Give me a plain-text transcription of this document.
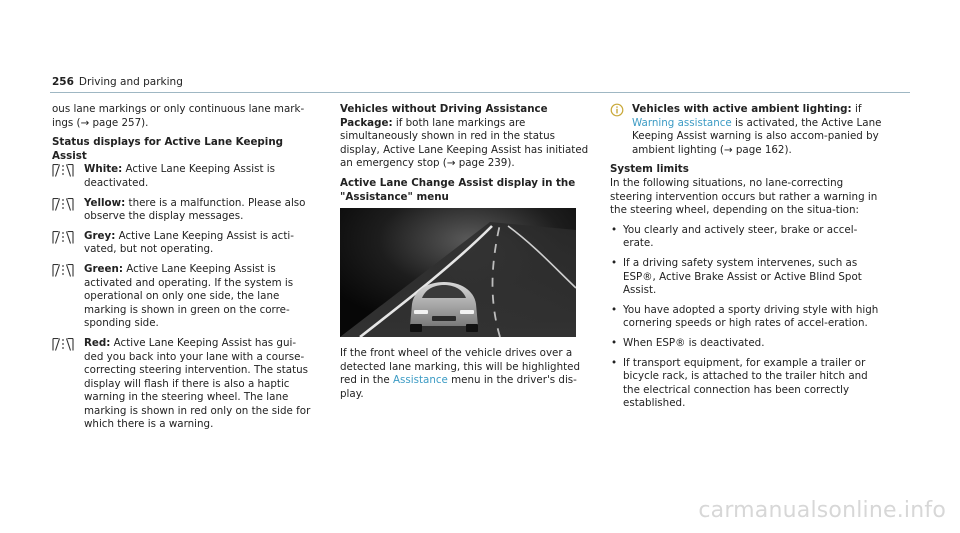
256 Driving and parking

ous lane markings or only continuous lane mark-ings (→ page 257).

Status displays for Active Lane Keeping Assist
White: Active Lane Keeping Assist is deactivated.
Yellow: there is a malfunction. Please also observe the display messages.
Grey: Active Lane Keeping Assist is acti-vated, but not operating.
Green: Active Lane Keeping Assist is activated and operating. If the system is operational on only one side, the lane marking is shown in green on the corre-sponding side.
Red: Active Lane Keeping Assist has gui-ded you back into your lane with a course-correcting steering intervention. The status display will flash if there is also a haptic warning in the steering wheel. The lane marking is shown in red only on the side for which there is a warning.

Vehicles without Driving Assistance Package: if both lane markings are simultaneously shown in red in the status display, Active Lane Keeping Assist has initiated an emergency stop (→ page 239).

Active Lane Change Assist display in the "Assistance" menu

If the front wheel of the vehicle drives over a detected lane marking, this will be highlighted red in the Assistance menu in the driver's dis-play.

Vehicles with active ambient lighting: if Warning assistance is activated, the Active Lane Keeping Assist warning is also accom-panied by ambient lighting (→ page 162).
System limits

In the following situations, no lane-correcting steering intervention occurs but rather a warning in the steering wheel, depending on the situa-tion:

• You clearly and actively steer, brake or accel-erate.
• If a driving safety system intervenes, such as ESP®, Active Brake Assist or Active Blind Spot Assist.
• You have adopted a sporty driving style with high cornering speeds or high rates of accel-eration.
• When ESP® is deactivated.
• If transport equipment, for example a trailer or bicycle rack, is attached to the trailer hitch and the electrical connection has been correctly established.
carmanualsonline.info
